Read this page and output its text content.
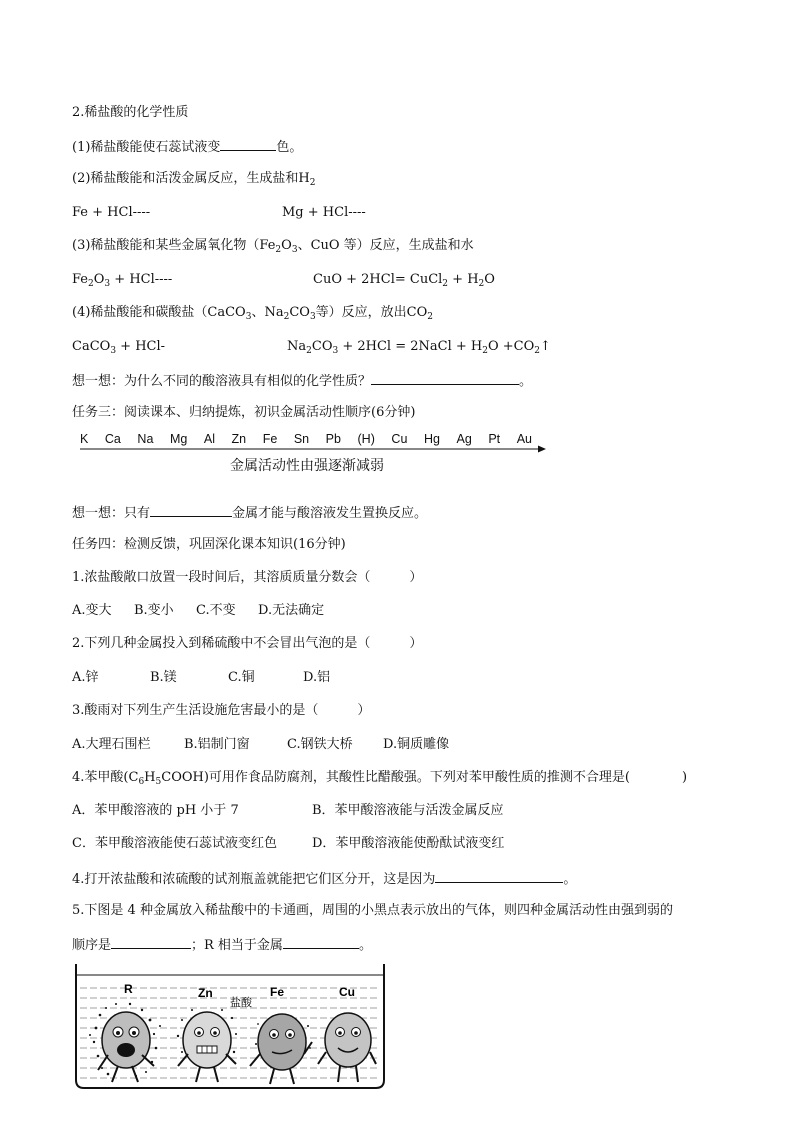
2.稀盐酸的化学性质
(1)稀盐酸能使石蕊试液变	色。
(2)稀盐酸能和活泼金属反应，生成盐和$H_2$
Fe + HCl----	Mg + HCl----
(3)稀盐酸能和某些金属氧化物（$Fe_2O_3$、CuO 等）反应，生成盐和水
$Fe_2O_3 + HCl----$	CuO + 2HCl= CuCl$_2$ + $H_2O$
(4)稀盐酸能和碳酸盐（CaCO$_3$、$Na_2CO_3$等）反应，放出$CO_2$
CaCO$_3$ + HCl-	$Na_2CO_3 + 2HCl$ = 2NaCl + $H_2O$ $+CO_2↑$
想一想：为什么不同的酸溶液具有相似的化学性质？	。
任务三：阅读课本、归纳提炼，初识金属活动性顺序(6分钟)
K Ca Na Mg Al Zn Fe Sn Pb (H) Cu Hg Ag Pt Au
金属活动性由强逐渐减弱
想一想：只有	金属才能与酸溶液发生置换反应。
任务四：检测反馈，巩固深化课本知识(16分钟)
1.浓盐酸敞口放置一段时间后，其溶质质量分数会（　　　）
A.变大 B.变小 C.不变 D.无法确定
2.下列几种金属投入到稀硫酸中不会冒出气泡的是（　　　）
A.锌	B.镁	C.铜	D.铝
3.酸雨对下列生产生活设施危害最小的是（　　　）
A.大理石围栏	B.铝制门窗	C.钢铁大桥 D.铜质雕像
4.苯甲酸$(C_6H_5COOH)$可用作食品防腐剂，其酸性比醋酸强。下列对苯甲酸性质的推测不合理是(　　　　)
A．苯甲酸溶液的 pH 小于 7	B．苯甲酸溶液能与活泼金属反应
C．苯甲酸溶液能使石蕊试液变红色	D．苯甲酸溶液能使酚酞试液变红
4.打开浓盐酸和浓硫酸的试剂瓶盖就能把它们区分开，这是因为	。
5.下图是 4 种金属放入稀盐酸中的卡通画，周围的小黑点表示放出的气体，则四种金属活动性由强到弱的
顺序是	；R 相当于金属	。
R	Zn	Fe	Cu
盐酸
